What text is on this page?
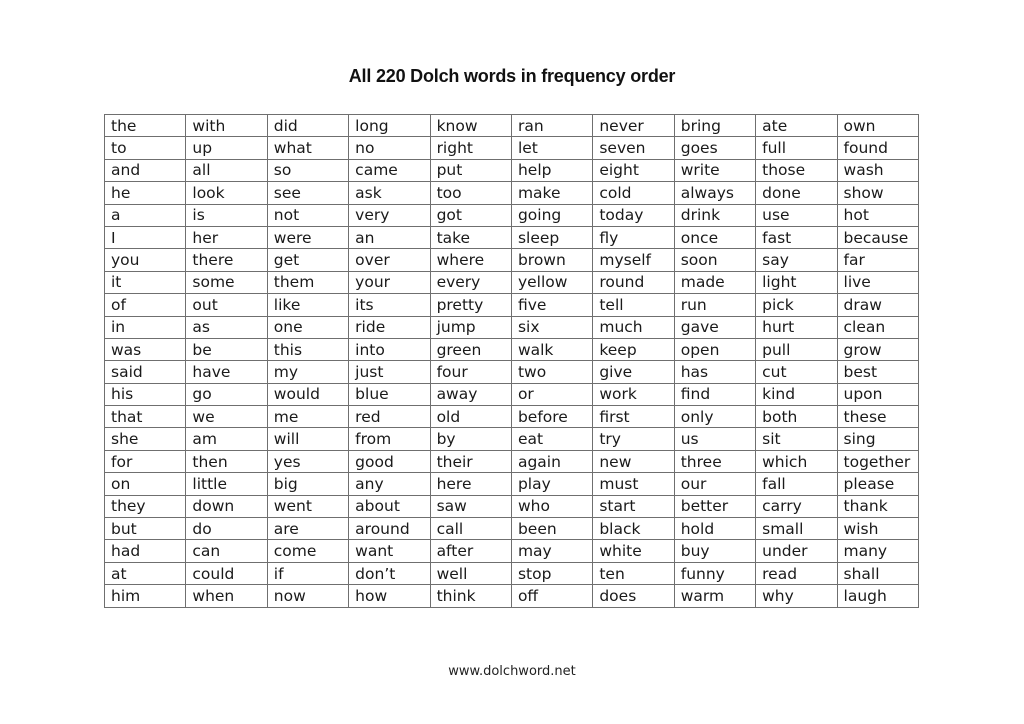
All 220 Dolch words in frequency order
the	with	did	long	know	ran	never	bring	ate	own
to	up	what	no	right	let	seven	goes	full	found
and	all	so	came	put	help	eight	write	those	wash
he	look	see	ask	too	make	cold	always	done	show
a	is	not	very	got	going	today	drink	use	hot
I	her	were	an	take	sleep	fly	once	fast	because
you	there	get	over	where	brown	myself	soon	say	far
it	some	them	your	every	yellow	round	made	light	live
of	out	like	its	pretty	five	tell	run	pick	draw
in	as	one	ride	jump	six	much	gave	hurt	clean
was	be	this	into	green	walk	keep	open	pull	grow
said	have	my	just	four	two	give	has	cut	best
his	go	would	blue	away	or	work	find	kind	upon
that	we	me	red	old	before	first	only	both	these
she	am	will	from	by	eat	try	us	sit	sing
for	then	yes	good	their	again	new	three	which	together
on	little	big	any	here	play	must	our	fall	please
they	down	went	about	saw	who	start	better	carry	thank
but	do	are	around	call	been	black	hold	small	wish
had	can	come	want	after	may	white	buy	under	many
at	could	if	don’t	well	stop	ten	funny	read	shall
him	when	now	how	think	off	does	warm	why	laugh
www.dolchword.net
